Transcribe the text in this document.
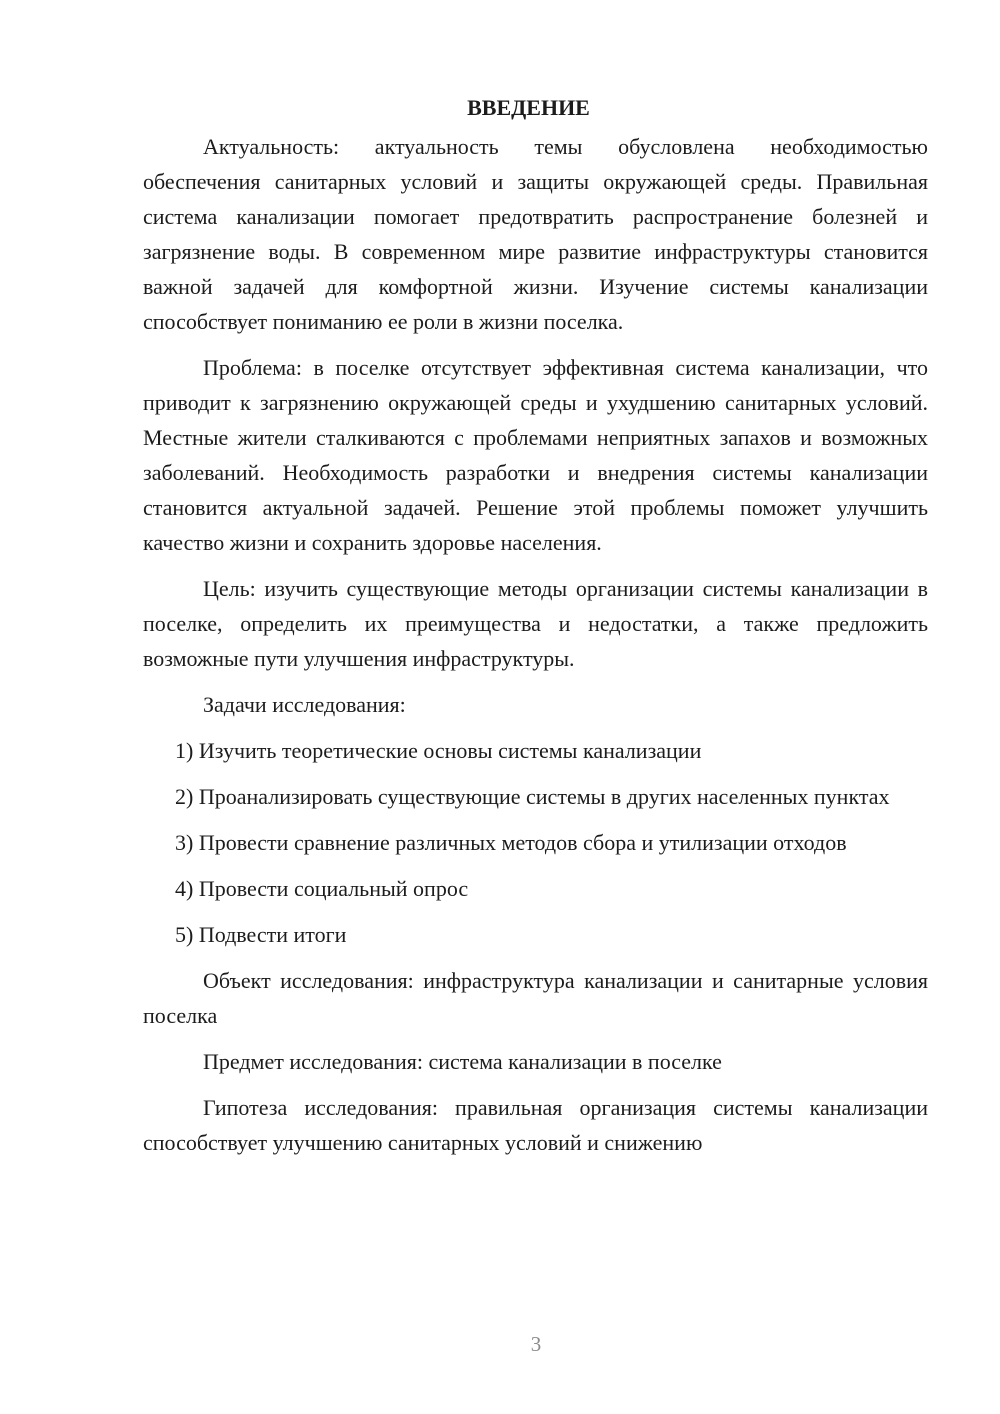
ВВЕДЕНИЕ

Актуальность: актуальность темы обусловлена необходимостью обеспечения санитарных условий и защиты окружающей среды. Правильная система канализации помогает предотвратить распространение болезней и загрязнение воды. В современном мире развитие инфраструктуры становится важной задачей для комфортной жизни. Изучение системы канализации способствует пониманию ее роли в жизни поселка.

Проблема: в поселке отсутствует эффективная система канализации, что приводит к загрязнению окружающей среды и ухудшению санитарных условий. Местные жители сталкиваются с проблемами неприятных запахов и возможных заболеваний. Необходимость разработки и внедрения системы канализации становится актуальной задачей. Решение этой проблемы поможет улучшить качество жизни и сохранить здоровье населения.

Цель: изучить существующие методы организации системы канализации в поселке, определить их преимущества и недостатки, а также предложить возможные пути улучшения инфраструктуры.

Задачи исследования:

1) Изучить теоретические основы системы канализации

2) Проанализировать существующие системы в других населенных пунктах

3) Провести сравнение различных методов сбора и утилизации отходов

4) Провести социальный опрос

5) Подвести итоги

Объект исследования: инфраструктура канализации и санитарные условия поселка

Предмет исследования: система канализации в поселке

Гипотеза исследования: правильная организация системы канализации способствует улучшению санитарных условий и снижению

3
